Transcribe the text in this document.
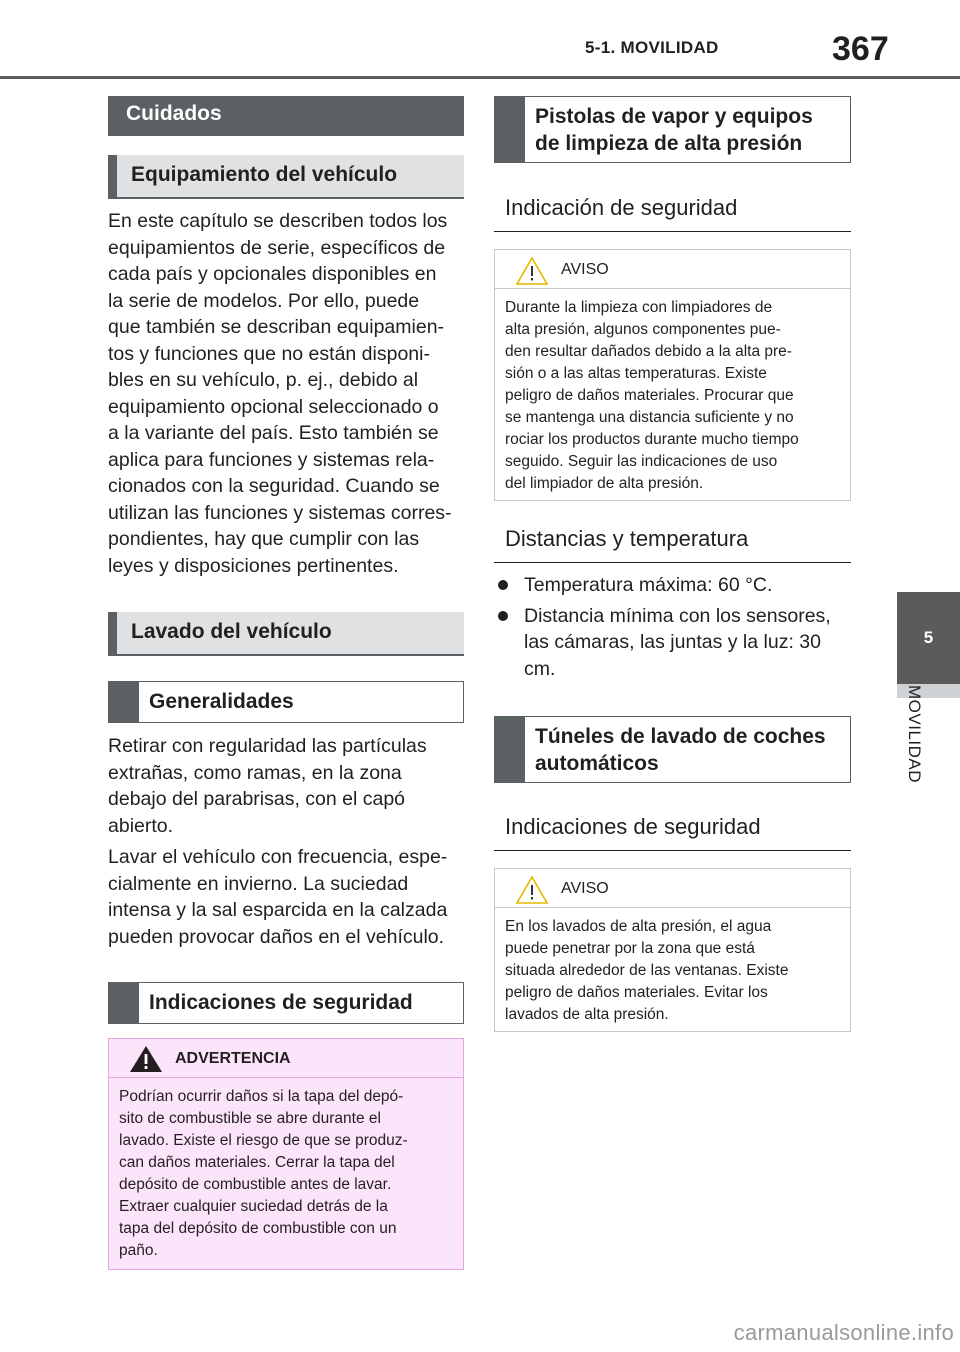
5-1. MOVILIDAD	367
5
MOVILIDAD
Cuidados
Equipamiento del vehículo

En este capítulo se describen todos los
equipamientos de serie, específicos de
cada país y opcionales disponibles en
la serie de modelos. Por ello, puede
que también se describan equipamien-
tos y funciones que no están disponi-
bles en su vehículo, p. ej., debido al
equipamiento opcional seleccionado o
a la variante del país. Esto también se
aplica para funciones y sistemas rela-
cionados con la seguridad. Cuando se
utilizan las funciones y sistemas corres-
pondientes, hay que cumplir con las
leyes y disposiciones pertinentes.

Lavado del vehículo
Generalidades

Retirar con regularidad las partículas
extrañas, como ramas, en la zona
debajo del parabrisas, con el capó
abierto.

Lavar el vehículo con frecuencia, espe-
cialmente en invierno. La suciedad
intensa y la sal esparcida en la calzada
pueden provocar daños en el vehículo.

Indicaciones de seguridad
ADVERTENCIA
Podrían ocurrir daños si la tapa del depó-
sito de combustible se abre durante el
lavado. Existe el riesgo de que se produz-
can daños materiales. Cerrar la tapa del
depósito de combustible antes de lavar.
Extraer cualquier suciedad detrás de la
tapa del depósito de combustible con un
paño.
Pistolas de vapor y equipos
de limpieza de alta presión
Indicación de seguridad
AVISO
Durante la limpieza con limpiadores de
alta presión, algunos componentes pue-
den resultar dañados debido a la alta pre-
sión o a las altas temperaturas. Existe
peligro de daños materiales. Procurar que
se mantenga una distancia suficiente y no
rociar los productos durante mucho tiempo
seguido. Seguir las indicaciones de uso
del limpiador de alta presión.
Distancias y temperatura
Temperatura máxima: 60 °C.
Distancia mínima con los sensores,
las cámaras, las juntas y la luz: 30
cm.
Túneles de lavado de coches
automáticos
Indicaciones de seguridad
AVISO
En los lavados de alta presión, el agua
puede penetrar por la zona que está
situada alrededor de las ventanas. Existe
peligro de daños materiales. Evitar los
lavados de alta presión.
carmanualsonline.info
